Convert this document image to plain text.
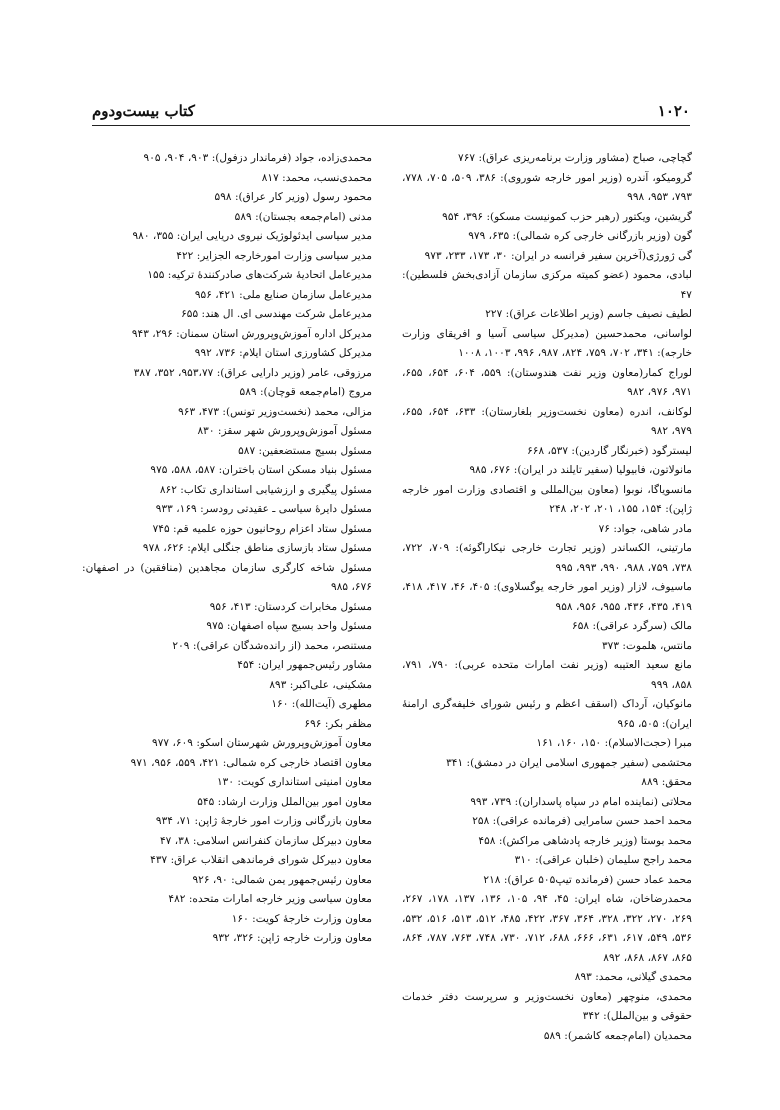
۱۰۲۰
کتاب بیست‌ودوم
گچاچی، صباح (مشاور وزارت برنامه‌ریزی عراق): ۷۶۷
گرومیکو، آندره (وزیر امور خارجه شوروی): ۳۸۶، ۵۰۹، ۷۰۵، ۷۷۸، ۷۹۳، ۹۵۳، ۹۹۸
گریشین، ویکتور (رهبر حزب کمونیست مسکو): ۳۹۶، ۹۵۴
گون (وزیر بازرگانی خارجی کره شمالی): ۶۳۵، ۹۷۹
گی ژورژی(آخرین سفیر فرانسه در ایران: ۳۰، ۱۷۳، ۲۳۳، ۹۷۳
لبادی، محمود (عضو کمیته مرکزی سازمان آزادی‌بخش فلسطین): ۴۷
لطیف نصیف جاسم (وزیر اطلاعات عراق): ۲۲۷
لواسانی، محمدحسین (مدیرکل سیاسی آسیا و افریقای وزارت خارجه): ۳۴۱، ۷۰۲، ۷۵۹، ۸۲۴، ۹۸۷، ۹۹۶، ۱۰۰۳، ۱۰۰۸
لوراج کمار(معاون وزیر نفت هندوستان): ۵۵۹، ۶۰۴، ۶۵۴، ۶۵۵، ۹۷۱، ۹۷۶، ۹۸۲
لوکانف، اندره (معاون نخست‌وزیر بلغارستان): ۶۳۳، ۶۵۴، ۶۵۵، ۹۷۹، ۹۸۲
لیسترگود (خبرنگار گاردین): ۵۳۷، ۶۶۸
مانولاتون، فابیولیا (سفیر تایلند در ایران): ۶۷۶، ۹۸۵
مانسویاگا، نوبوا (معاون بین‌المللی و اقتصادی وزارت امور خارجه ژاپن): ۱۵۴، ۱۵۵، ۲۰۱، ۲۰۲، ۲۴۸
مادر شاهی، جواد: ۷۶
مارتینی، الکساندر (وزیر تجارت خارجی نیکاراگوئه): ۷۰۹، ۷۲۲، ۷۳۸، ۷۵۹، ۹۸۸، ۹۹۰، ۹۹۳، ۹۹۵
ماسیوف، لازار (وزیر امور خارجه یوگسلاوی): ۴۰۵، ۴۶، ۴۱۷، ۴۱۸، ۴۱۹، ۴۳۵، ۴۳۶، ۹۵۵، ۹۵۶، ۹۵۸
مالک (سرگرد عراقی): ۶۵۸
مانتس، هلموت: ۳۷۳
مانع سعید العتیبه (وزیر نفت امارات متحده عربی): ۷۹۰، ۷۹۱، ۸۵۸، ۹۹۹
مانوکیان، آرداک (اسقف اعظم و رئیس شورای خلیفه‌گری ارامنهٔ ایران): ۵۰۵، ۹۶۵
مبرا (حجت‌الاسلام): ۱۵۰، ۱۶۰، ۱۶۱
محتشمی (سفیر جمهوری اسلامی ایران در دمشق): ۳۴۱
محقق: ۸۸۹
محلاتی (نماینده امام در سپاه پاسداران): ۷۳۹، ۹۹۳
محمد احمد حسن سامرایی (فرمانده عراقی): ۲۵۸
محمد بوستا (وزیر خارجه پادشاهی مراکش): ۴۵۸
محمد راجح سلیمان (خلبان عراقی): ۳۱۰
محمد عماد حسن (فرمانده تیپ۵۰۵ عراق): ۲۱۸
محمدرضاخان، شاه ایران: ۴۵، ۹۴، ۱۰۵، ۱۳۶، ۱۳۷، ۱۷۸، ۲۶۷، ۲۶۹، ۲۷۰، ۳۲۲، ۳۲۸، ۳۶۴، ۳۶۷، ۴۲۲، ۴۸۵، ۵۱۲، ۵۱۳، ۵۱۶، ۵۳۲، ۵۳۶، ۵۴۹، ۶۱۷، ۶۳۱، ۶۶۶، ۶۸۸، ۷۱۲، ۷۳۰، ۷۴۸، ۷۶۳، ۷۸۷، ۸۶۴، ۸۶۵، ۸۶۷، ۸۶۸، ۸۹۲
محمدی گیلانی، محمد: ۸۹۳
محمدی، منوچهر (معاون نخست‌وزیر و سرپرست دفتر خدمات حقوقی و بین‌الملل): ۳۴۲
محمدیان (امام‌جمعه کاشمر): ۵۸۹
محمدی‌زاده، جواد (فرماندار دزفول): ۹۰۳، ۹۰۴، ۹۰۵
محمدی‌نسب، محمد: ۸۱۷
محمود رسول (وزیر کار عراق): ۵۹۸
مدنی (امام‌جمعه بجستان): ۵۸۹
مدیر سیاسی ایدئولوژیک نیروی دریایی ایران: ۳۵۵، ۹۸۰
مدیر سیاسی وزارت امورخارجه الجزایر: ۴۲۲
مدیرعامل اتحادیهٔ شرکت‌های صادرکنندهٔ ترکیه: ۱۵۵
مدیرعامل سازمان صنایع ملی: ۴۲۱، ۹۵۶
مدیرعامل شرکت مهندسی ای. ال هند: ۶۵۵
مدیرکل اداره آموزش‌وپرورش استان سمنان: ۲۹۶، ۹۴۳
مدیرکل کشاورزی استان ایلام: ۷۳۶، ۹۹۲
مرزوقی، عامر (وزیر دارایی عراق): ۹۵۳،۷۷، ۳۵۲، ۳۸۷
مروج (امام‌جمعه قوچان): ۵۸۹
مزالی، محمد (نخست‌وزیر تونس): ۴۷۳، ۹۶۳
مسئول آموزش‌وپرورش شهر سقز: ۸۳۰
مسئول بسیج مستضعفین: ۵۸۷
مسئول بنیاد مسکن استان باختران: ۵۸۷، ۵۸۸، ۹۷۵
مسئول پیگیری و ارزشیابی استانداری تکاب: ۸۶۲
مسئول دایرهٔ سیاسی ـ عقیدتی رودسر: ۱۶۹، ۹۳۳
مسئول ستاد اعزام روحانیون حوزه علمیه قم: ۷۴۵
مسئول ستاد بازسازی مناطق جنگلی ایلام: ۶۲۶، ۹۷۸
مسئول شاخه کارگری سازمان مجاهدین (منافقین) در اصفهان: ۶۷۶، ۹۸۵
مسئول مخابرات کردستان: ۴۱۳، ۹۵۶
مسئول واحد بسیج سپاه اصفهان: ۹۷۵
مستنصر، محمد (از رانده‌شدگان عراقی): ۲۰۹
مشاور رئیس‌جمهور ایران: ۴۵۴
مشکینی، علی‌اکبر: ۸۹۳
مطهری (آیت‌الله): ۱۶۰
مظفر بکر: ۶۹۶
معاون آموزش‌وپرورش شهرستان اسکو: ۶۰۹، ۹۷۷
معاون اقتصاد خارجی کره شمالی: ۴۲۱، ۵۵۹، ۹۵۶، ۹۷۱
معاون امنیتی استانداری کویت: ۱۳۰
معاون امور بین‌الملل وزارت ارشاد: ۵۴۵
معاون بازرگانی وزارت امور خارجهٔ ژاپن: ۷۱، ۹۳۴
معاون دبیرکل سازمان کنفرانس اسلامی: ۳۸، ۴۷
معاون دبیرکل شورای فرماندهی انقلاب عراق: ۴۳۷
معاون رئیس‌جمهور یمن شمالی: ۹۰، ۹۲۶
معاون سیاسی وزیر خارجه امارات متحده: ۴۸۲
معاون وزارت خارجهٔ کویت: ۱۶۰
معاون وزارت خارجه ژاپن: ۳۲۶، ۹۳۲
